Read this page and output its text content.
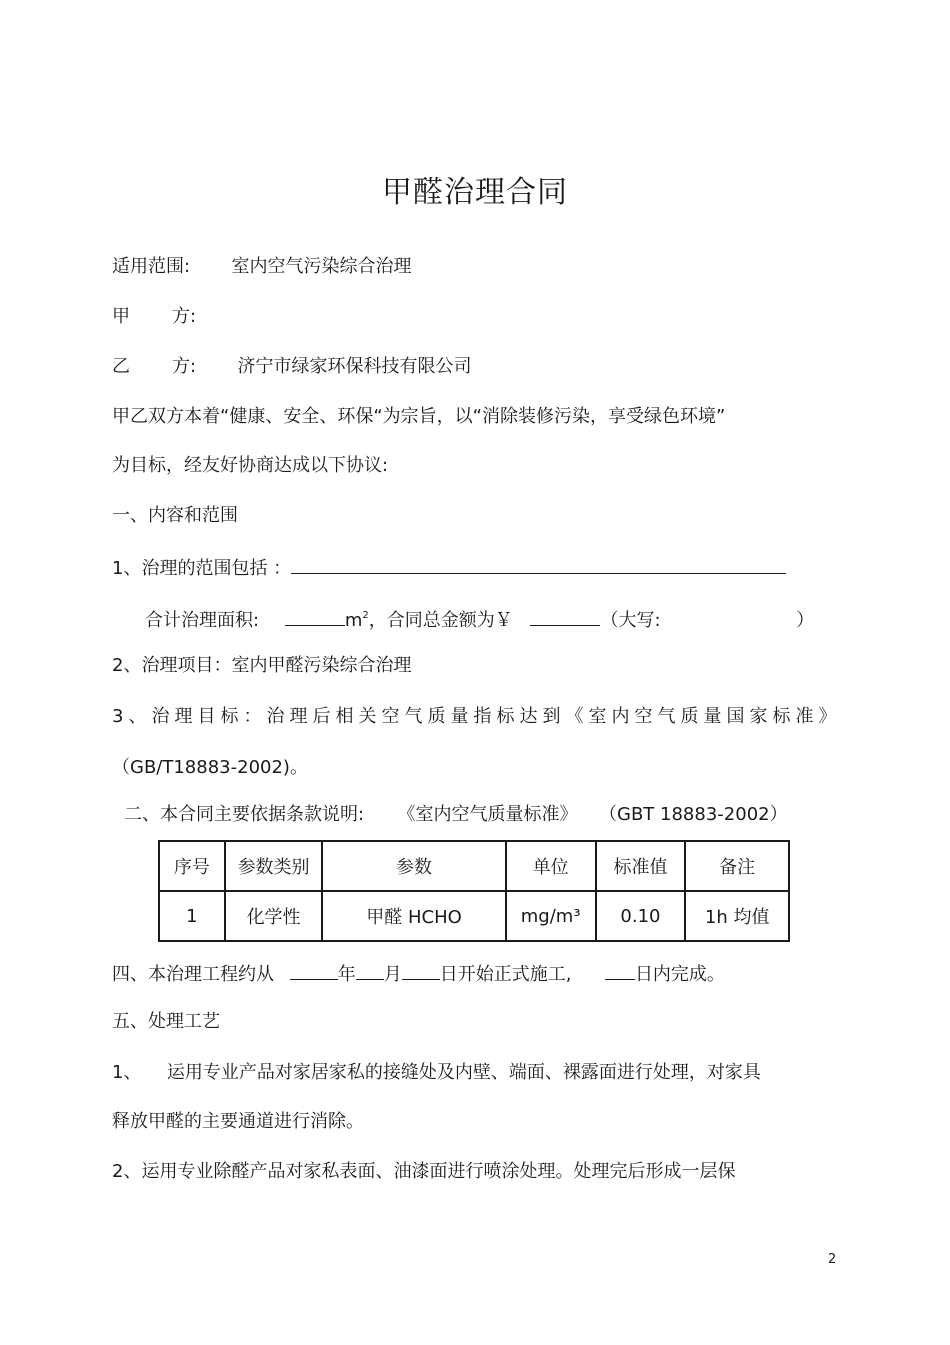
甲醛治理合同
适用范围: 室内空气污染综合治理
甲 方:
乙 方: 济宁市绿家环保科技有限公司
甲乙双方本着“健康、安全、环保“为宗旨，以“消除装修污染，享受绿色环境”
为目标，经友好协商达成以下协议:
一、内容和范围
1、治理的范围包括 ：
合计治理面积:	$m^2$，合同总金额为￥	（大写:	）
2、治理项目：室内甲醛污染综合治理
3、治理目标：治理后相关空气质量指标达到《室内空气质量国家标准》
（GB/T18883-2002)。
二、本合同主要依据条款说明: 《室内空气质量标准》 （GBT 18883-2002）
序号	参数类别	参数	单位	标准值	备注
1	化学性	甲醛 HCHO	mg/m³	0.10	1h 均值
四、本治理工程约从	年 月 日开始正式施工,	日内完成。
五、处理工艺
1、 运用专业产品对家居家私的接缝处及内壁、端面、裸露面进行处理，对家具
释放甲醛的主要通道进行消除。
2、运用专业除醛产品对家私表面、油漆面进行喷涂处理。处理完后形成一层保
2
